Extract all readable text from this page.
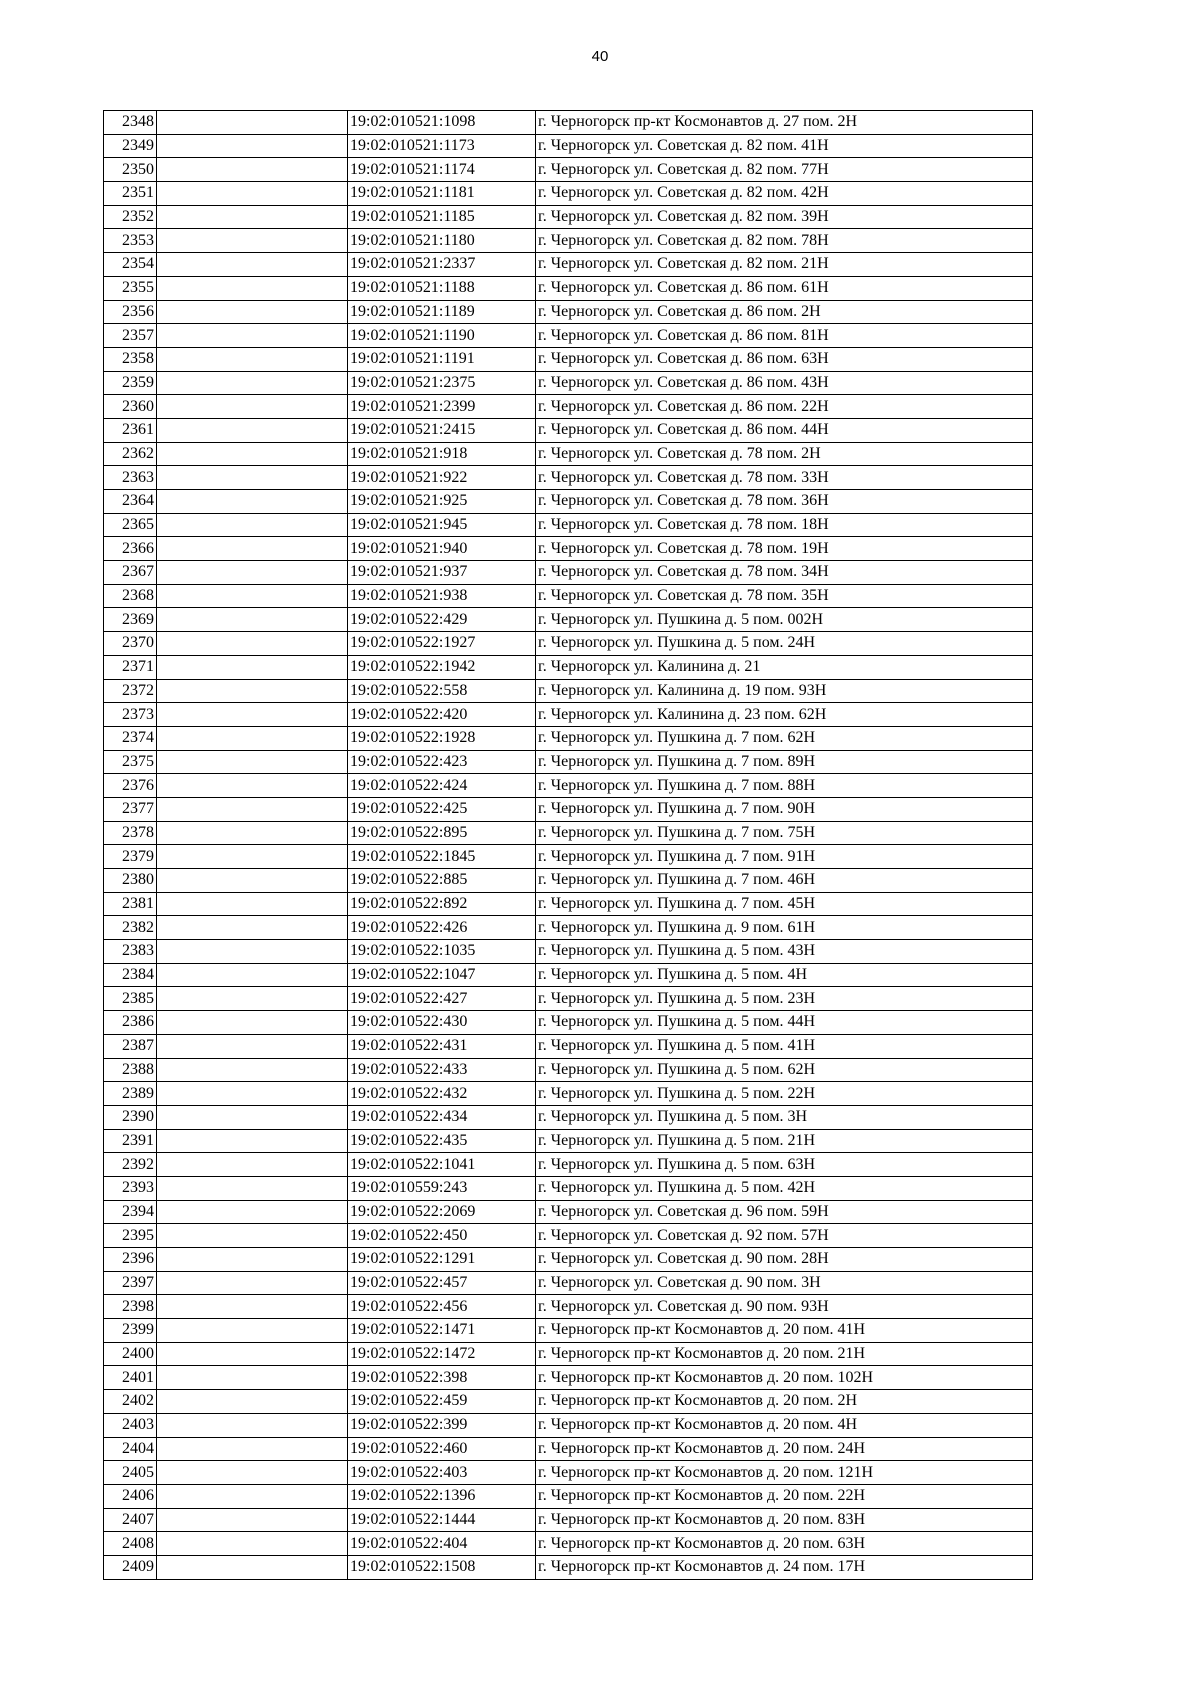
40
2348		19:02:010521:1098	г. Черногорск пр-кт Космонавтов д. 27 пом. 2Н
2349		19:02:010521:1173	г. Черногорск ул. Советская д. 82 пом. 41Н
2350		19:02:010521:1174	г. Черногорск ул. Советская д. 82 пом. 77Н
2351		19:02:010521:1181	г. Черногорск ул. Советская д. 82 пом. 42Н
2352		19:02:010521:1185	г. Черногорск ул. Советская д. 82 пом. 39Н
2353		19:02:010521:1180	г. Черногорск ул. Советская д. 82 пом. 78Н
2354		19:02:010521:2337	г. Черногорск ул. Советская д. 82 пом. 21Н
2355		19:02:010521:1188	г. Черногорск ул. Советская д. 86 пом. 61Н
2356		19:02:010521:1189	г. Черногорск ул. Советская д. 86 пом. 2Н
2357		19:02:010521:1190	г. Черногорск ул. Советская д. 86 пом. 81Н
2358		19:02:010521:1191	г. Черногорск ул. Советская д. 86 пом. 63Н
2359		19:02:010521:2375	г. Черногорск ул. Советская д. 86 пом. 43Н
2360		19:02:010521:2399	г. Черногорск ул. Советская д. 86 пом. 22Н
2361		19:02:010521:2415	г. Черногорск ул. Советская д. 86 пом. 44Н
2362		19:02:010521:918	г. Черногорск ул. Советская д. 78 пом. 2Н
2363		19:02:010521:922	г. Черногорск ул. Советская д. 78 пом. 33Н
2364		19:02:010521:925	г. Черногорск ул. Советская д. 78 пом. 36Н
2365		19:02:010521:945	г. Черногорск ул. Советская д. 78 пом. 18Н
2366		19:02:010521:940	г. Черногорск ул. Советская д. 78 пом. 19Н
2367		19:02:010521:937	г. Черногорск ул. Советская д. 78 пом. 34Н
2368		19:02:010521:938	г. Черногорск ул. Советская д. 78 пом. 35Н
2369		19:02:010522:429	г. Черногорск ул. Пушкина д. 5 пом. 002Н
2370		19:02:010522:1927	г. Черногорск ул. Пушкина д. 5 пом. 24Н
2371		19:02:010522:1942	г. Черногорск ул. Калинина д. 21
2372		19:02:010522:558	г. Черногорск ул. Калинина д. 19 пом. 93Н
2373		19:02:010522:420	г. Черногорск ул. Калинина д. 23 пом. 62Н
2374		19:02:010522:1928	г. Черногорск ул. Пушкина д. 7 пом. 62Н
2375		19:02:010522:423	г. Черногорск ул. Пушкина д. 7 пом. 89Н
2376		19:02:010522:424	г. Черногорск ул. Пушкина д. 7 пом. 88Н
2377		19:02:010522:425	г. Черногорск ул. Пушкина д. 7 пом. 90Н
2378		19:02:010522:895	г. Черногорск ул. Пушкина д. 7 пом. 75Н
2379		19:02:010522:1845	г. Черногорск ул. Пушкина д. 7 пом. 91Н
2380		19:02:010522:885	г. Черногорск ул. Пушкина д. 7 пом. 46Н
2381		19:02:010522:892	г. Черногорск ул. Пушкина д. 7 пом. 45Н
2382		19:02:010522:426	г. Черногорск ул. Пушкина д. 9 пом. 61Н
2383		19:02:010522:1035	г. Черногорск ул. Пушкина д. 5 пом. 43Н
2384		19:02:010522:1047	г. Черногорск ул. Пушкина д. 5 пом. 4Н
2385		19:02:010522:427	г. Черногорск ул. Пушкина д. 5 пом. 23Н
2386		19:02:010522:430	г. Черногорск ул. Пушкина д. 5 пом. 44Н
2387		19:02:010522:431	г. Черногорск ул. Пушкина д. 5 пом. 41Н
2388		19:02:010522:433	г. Черногорск ул. Пушкина д. 5 пом. 62Н
2389		19:02:010522:432	г. Черногорск ул. Пушкина д. 5 пом. 22Н
2390		19:02:010522:434	г. Черногорск ул. Пушкина д. 5 пом. 3Н
2391		19:02:010522:435	г. Черногорск ул. Пушкина д. 5 пом. 21Н
2392		19:02:010522:1041	г. Черногорск ул. Пушкина д. 5 пом. 63Н
2393		19:02:010559:243	г. Черногорск ул. Пушкина д. 5 пом. 42Н
2394		19:02:010522:2069	г. Черногорск ул. Советская д. 96 пом. 59Н
2395		19:02:010522:450	г. Черногорск ул. Советская д. 92 пом. 57Н
2396		19:02:010522:1291	г. Черногорск ул. Советская д. 90 пом. 28Н
2397		19:02:010522:457	г. Черногорск ул. Советская д. 90 пом. 3Н
2398		19:02:010522:456	г. Черногорск ул. Советская д. 90 пом. 93Н
2399		19:02:010522:1471	г. Черногорск пр-кт Космонавтов д. 20 пом. 41Н
2400		19:02:010522:1472	г. Черногорск пр-кт Космонавтов д. 20 пом. 21Н
2401		19:02:010522:398	г. Черногорск пр-кт Космонавтов д. 20 пом. 102Н
2402		19:02:010522:459	г. Черногорск пр-кт Космонавтов д. 20 пом. 2Н
2403		19:02:010522:399	г. Черногорск пр-кт Космонавтов д. 20 пом. 4Н
2404		19:02:010522:460	г. Черногорск пр-кт Космонавтов д. 20 пом. 24Н
2405		19:02:010522:403	г. Черногорск пр-кт Космонавтов д. 20 пом. 121Н
2406		19:02:010522:1396	г. Черногорск пр-кт Космонавтов д. 20 пом. 22Н
2407		19:02:010522:1444	г. Черногорск пр-кт Космонавтов д. 20 пом. 83Н
2408		19:02:010522:404	г. Черногорск пр-кт Космонавтов д. 20 пом. 63Н
2409		19:02:010522:1508	г. Черногорск пр-кт Космонавтов д. 24 пом. 17Н
